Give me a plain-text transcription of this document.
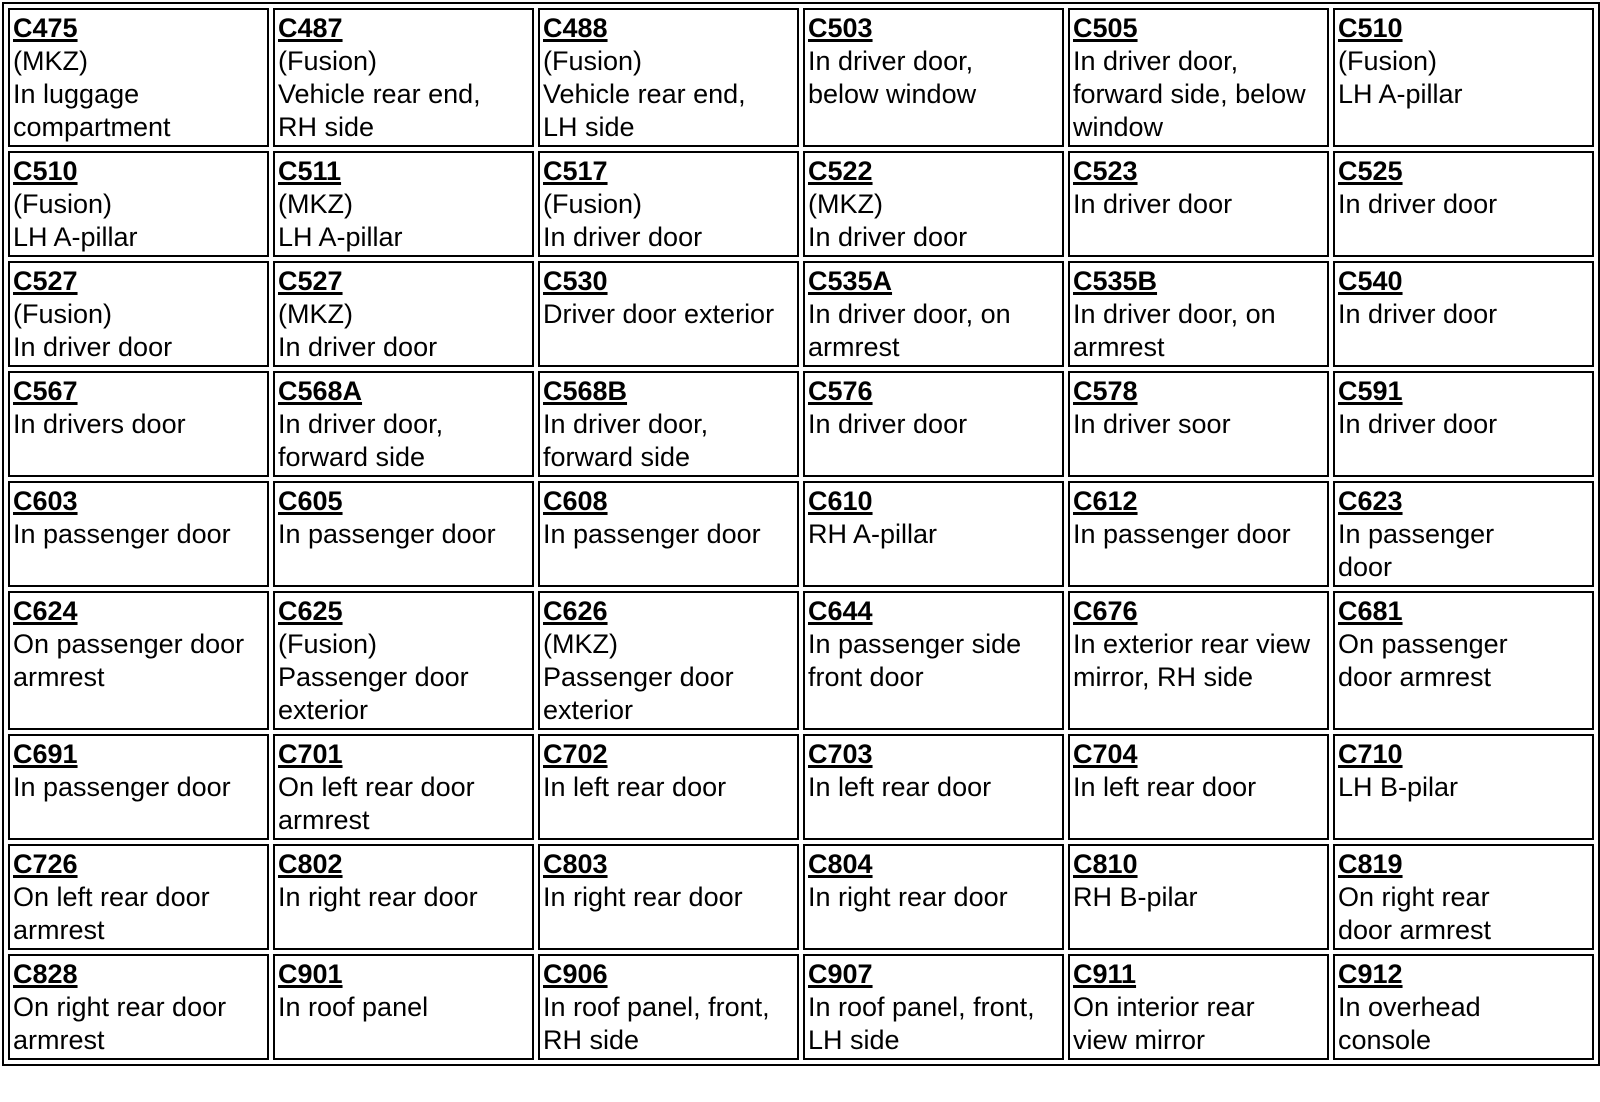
C475
(MKZ)
In luggage
compartment	C487
(Fusion)
Vehicle rear end,
RH side	C488
(Fusion)
Vehicle rear end,
LH side	C503
In driver door,
below window	C505
In driver door,
forward side, below
window	C510
(Fusion)
LH A-pillar

C510
(Fusion)
LH A-pillar	C511
(MKZ)
LH A-pillar	C517
(Fusion)
In driver door	C522
(MKZ)
In driver door	C523
In driver door	C525
In driver door

C527
(Fusion)
In driver door	C527
(MKZ)
In driver door	C530
Driver door exterior	C535A
In driver door, on
armrest	C535B
In driver door, on
armrest	C540
In driver door

C567
In drivers door	C568A
In driver door,
forward side	C568B
In driver door,
forward side	C576
In driver door	C578
In driver soor	C591
In driver door

C603
In passenger door	C605
In passenger door	C608
In passenger door	C610
RH A-pillar	C612
In passenger door	C623
In passenger
door

C624
On passenger door
armrest	C625
(Fusion)
Passenger door
exterior	C626
(MKZ)
Passenger door
exterior	C644
In passenger side
front door	C676
In exterior rear view
mirror, RH side	C681
On passenger
door armrest

C691
In passenger door	C701
On left rear door
armrest	C702
In left rear door	C703
In left rear door	C704
In left rear door	C710
LH B-pilar

C726
On left rear door
armrest	C802
In right rear door	C803
In right rear door	C804
In right rear door	C810
RH B-pilar	C819
On right rear
door armrest

C828
On right rear door
armrest	C901
In roof panel	C906
In roof panel, front,
RH side	C907
In roof panel, front,
LH side	C911
On interior rear
view mirror	C912
In overhead
console
